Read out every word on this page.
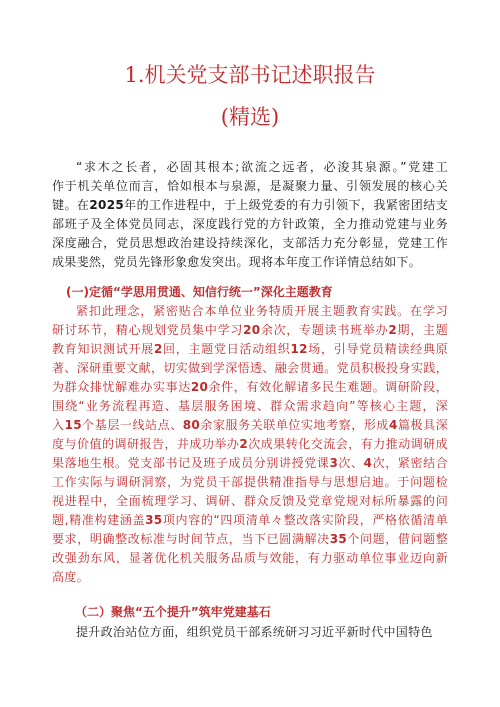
1.机关党支部书记述职报告
(精选)
“求木之长者，必固其根本;欲流之远者，必浚其泉源。”党建工
作于机关单位而言，恰如根本与泉源，是凝聚力量、引领发展的核心关
键。在2025年的工作进程中，于上级党委的有力引领下，我紧密团结支
部班子及全体党员同志，深度践行党的方针政策，全力推动党建与业务
深度融合，党员思想政治建设持续深化，支部活力充分彰显，党建工作
成果斐然，党员先锋形象愈发突出。现将本年度工作详情总结如下。

(一)定循“学思用贯通、知信行统一”深化主题教育

紧扣此理念，紧密贴合本单位业务特质开展主题教育实践。在学习
研讨环节，精心规划党员集中学习20余次，专题读书班举办2期，主题
教育知识测试开展2回，主题党日活动组织12场，引导党员精读经典原
著、深研重要文献，切实做到学深悟透、融会贯通。党员积极投身实践，
为群众排忧解难办实事达20余件，有效化解诸多民生难题。调研阶段，
围绕“业务流程再造、基层服务困境、群众需求趋向”等核心主题，深
入15个基层一线站点、80余家服务关联单位实地考察，形成4篇极具深
度与价值的调研报告，并成功举办2次成果转化交流会，有力推动调研成
果落地生根。党支部书记及班子成员分别讲授党课3次、4次，紧密结合
工作实际与调研洞察，为党员干部提供精准指导与思想启迪。于问题检
视进程中，全面梳理学习、调研、群众反馈及党章党规对标所暴露的问
题,精准构建涵盖35项内容的“四项清单々整改落实阶段，严格依循清单
要求，明确整改标准与时间节点，当下已圆满解决35个问题，借问题整
改强劲东风，显著优化机关服务品质与效能，有力驱动单位事业迈向新
高度。

（二）聚焦“五个提升”筑牢党建基石

提升政治站位方面，组织党员干部系统研习习近平新时代中国特色
